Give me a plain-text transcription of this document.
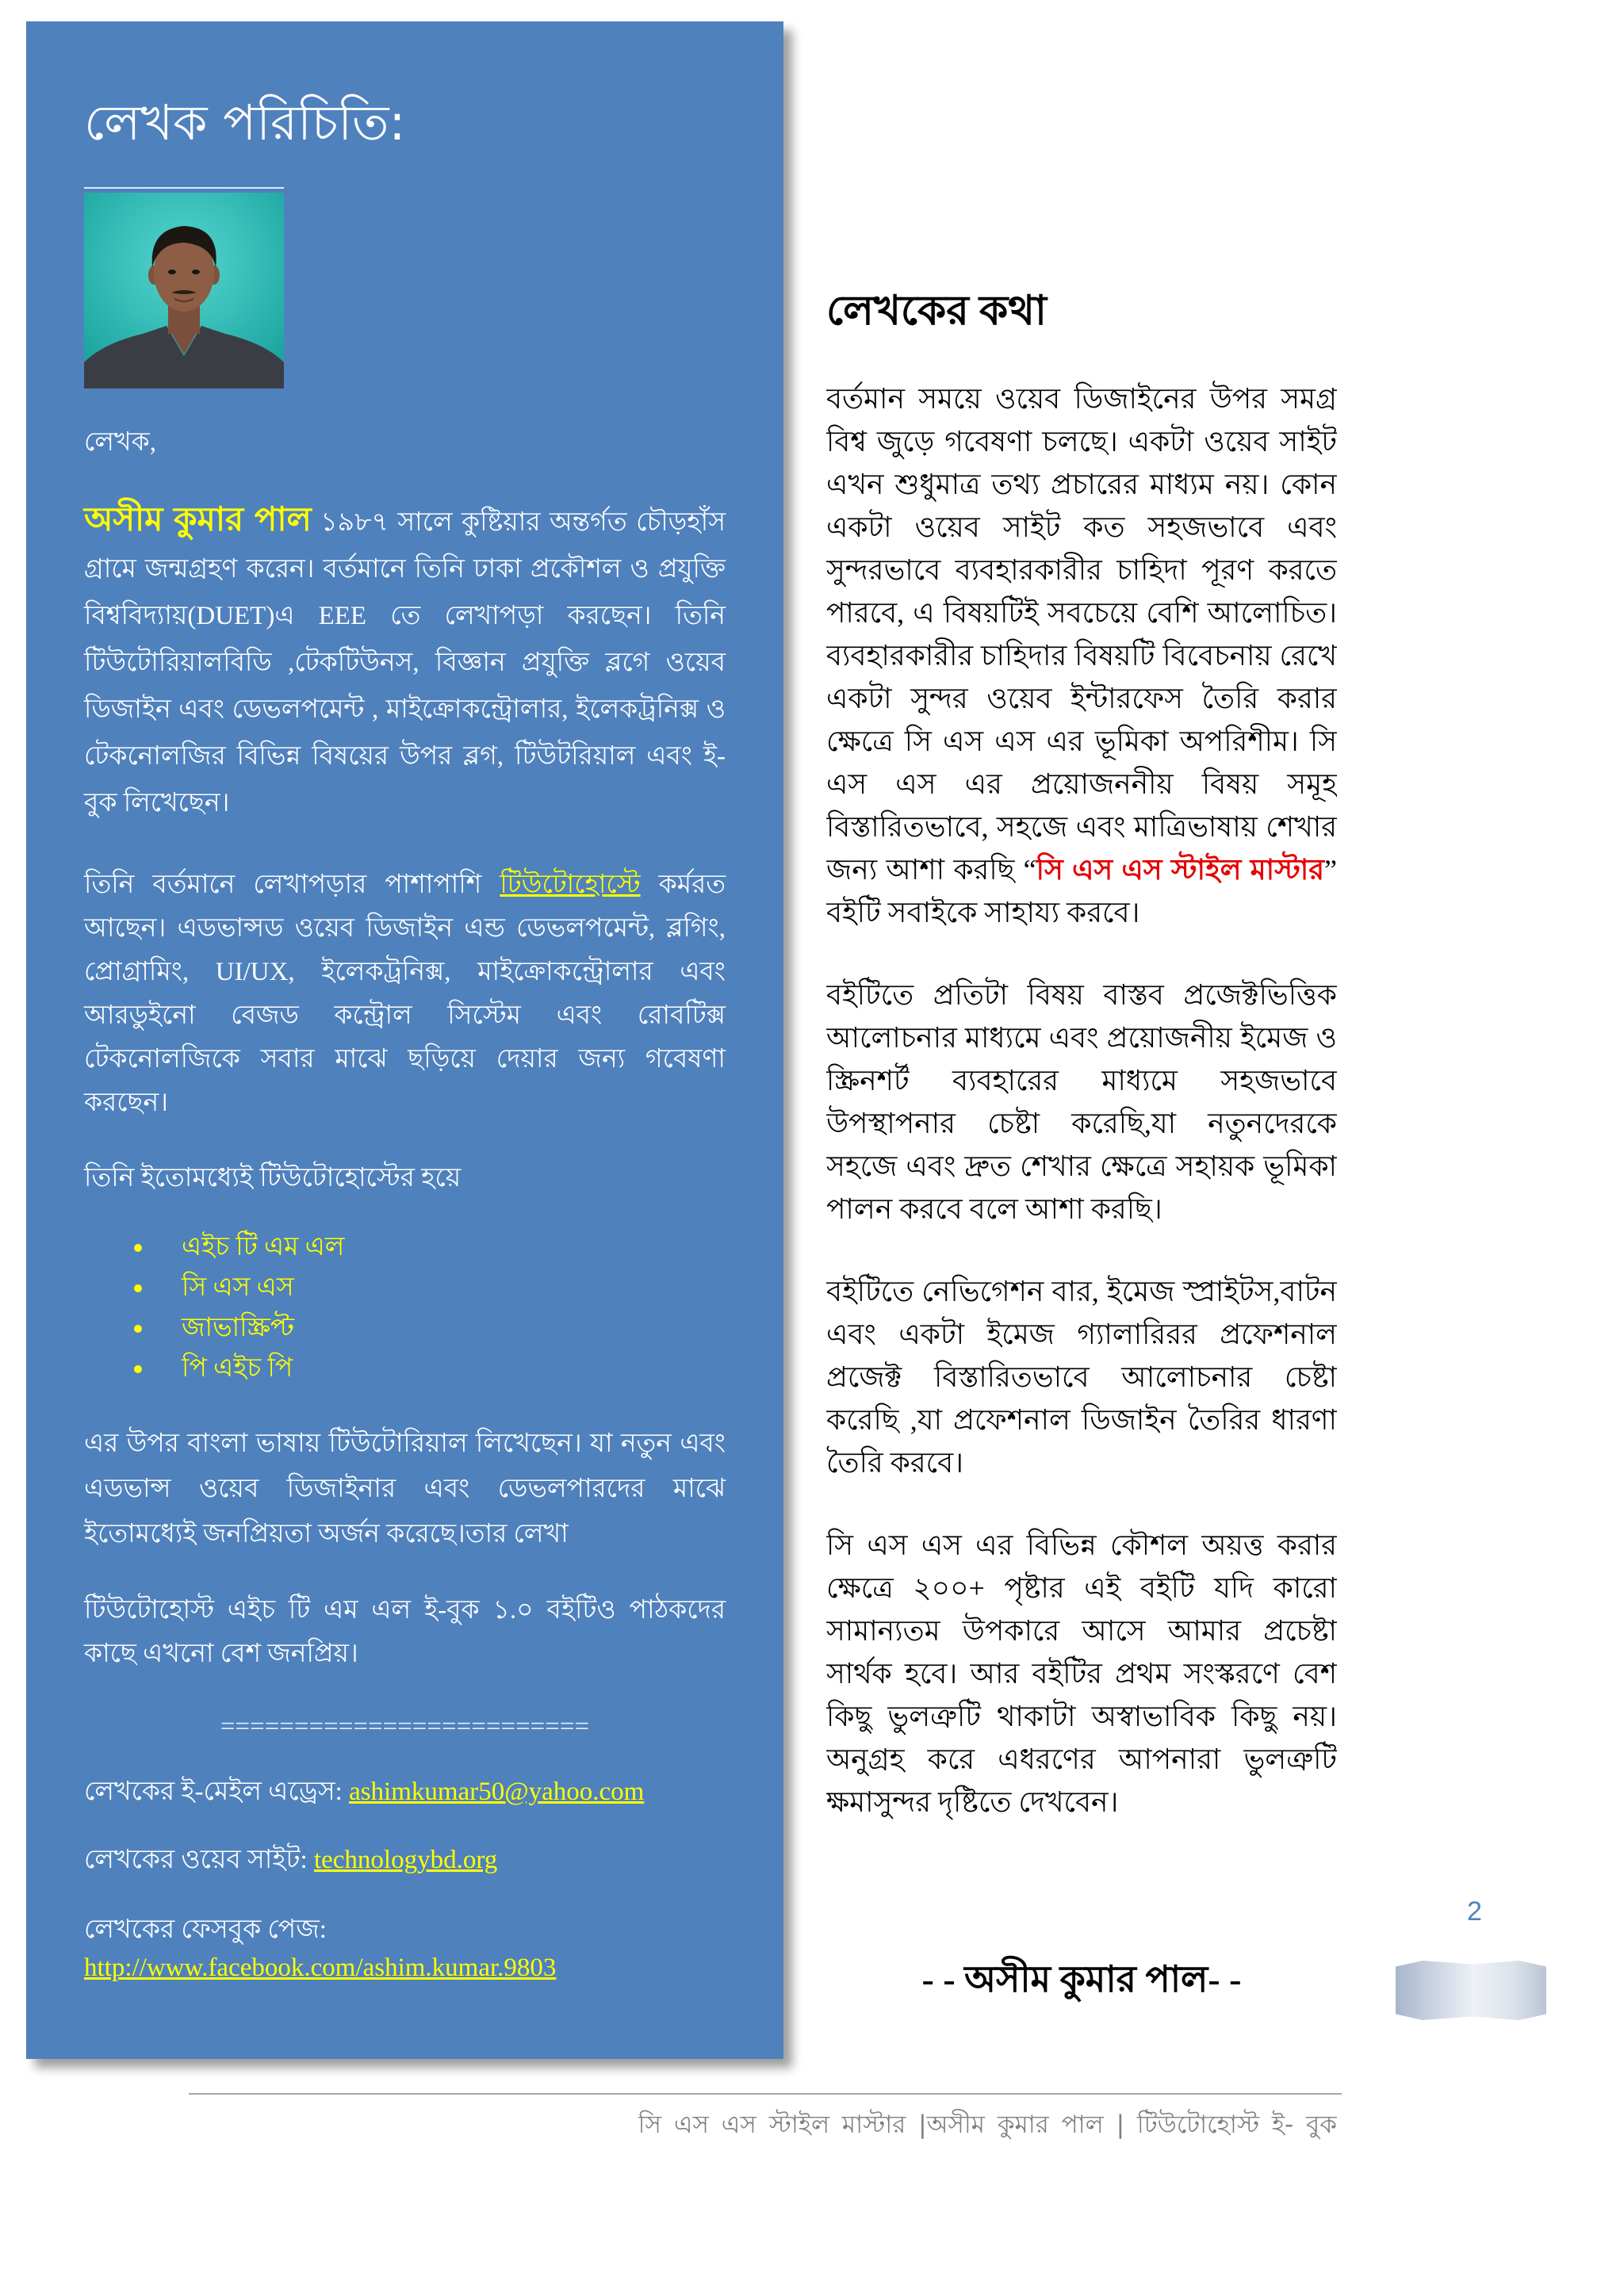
লেখক পরিচিতি:

লেখক,

অসীম কুমার পাল ১৯৮৭ সালে কুষ্টিয়ার অন্তর্গত চৌড়হাঁস গ্রামে জন্মগ্রহণ করেন। বর্তমানে তিনি ঢাকা প্রকৌশল ও প্রযুক্তি বিশ্ববিদ্যায়(DUET)এ EEE তে লেখাপড়া করছেন। তিনি টিউটোরিয়ালবিডি ,টেকটিউনস, বিজ্ঞান প্রযুক্তি ব্লগে ওয়েব ডিজাইন এবং ডেভলপমেন্ট , মাইক্রোকন্ট্রোলার, ইলেকট্রনিক্স ও টেকনোলজির বিভিন্ন বিষয়ের উপর ব্লগ, টিউটরিয়াল এবং ই-বুক লিখেছেন।

তিনি বর্তমানে লেখাপড়ার পাশাপাশি টিউটোহোস্টে কর্মরত আছেন। এডভান্সড ওয়েব ডিজাইন এন্ড ডেভলপমেন্ট, ব্লগিং, প্রোগ্রামিং, UI/UX, ইলেকট্রনিক্স, মাইক্রোকন্ট্রোলার এবং আরডুইনো বেজড কন্ট্রোল সিস্টেম এবং রোবটিক্স টেকনোলজিকে সবার মাঝে ছড়িয়ে দেয়ার জন্য গবেষণা করছেন।

তিনি ইতোমধ্যেই টিউটোহোস্টের হয়ে

এইচ টি এম এল
সি এস এস
জাভাস্ক্রিপ্ট
পি এইচ পি

এর উপর বাংলা ভাষায় টিউটোরিয়াল লিখেছেন। যা নতুন এবং এডভান্স ওয়েব ডিজাইনার এবং ডেভলপারদের মাঝে ইতোমধ্যেই জনপ্রিয়তা অর্জন করেছে।তার লেখা

টিউটোহোস্ট এইচ টি এম এল ই-বুক ১.০ বইটিও পাঠকদের কাছে এখনো বেশ জনপ্রিয়।

=========================

লেখকের ই-মেইল এড্রেস: ashimkumar50@yahoo.com

লেখকের ওয়েব সাইট: technologybd.org

লেখকের ফেসবুক পেজ:
http://www.facebook.com/ashim.kumar.9803

লেখকের কথা

বর্তমান সময়ে ওয়েব ডিজাইনের উপর সমগ্র বিশ্ব জুড়ে গবেষণা চলছে। একটা ওয়েব সাইট এখন শুধুমাত্র তথ্য প্রচারের মাধ্যম নয়। কোন একটা ওয়েব সাইট কত সহজভাবে এবং সুন্দরভাবে ব্যবহারকারীর চাহিদা পূরণ করতে পারবে, এ বিষয়টিই সবচেয়ে বেশি আলোচিত। ব্যবহারকারীর চাহিদার বিষয়টি বিবেচনায় রেখে একটা সুন্দর ওয়েব ইন্টারফেস তৈরি করার ক্ষেত্রে সি এস এস এর ভূমিকা অপরিশীম। সি এস এস এর প্রয়োজননীয় বিষয় সমূহ বিস্তারিতভাবে, সহজে এবং মাত্রিভাষায় শেখার জন্য আশা করছি “সি এস এস স্টাইল মাস্টার” বইটি সবাইকে সাহায্য করবে।

বইটিতে প্রতিটা বিষয় বাস্তব প্রজেক্টভিত্তিক আলোচনার মাধ্যমে এবং প্রয়োজনীয় ইমেজ ও স্ক্রিনশর্ট ব্যবহারের মাধ্যমে সহজভাবে উপস্থাপনার চেষ্টা করেছি,যা নতুনদেরকে সহজে এবং দ্রুত শেখার ক্ষেত্রে সহায়ক ভূমিকা পালন করবে বলে আশা করছি।

বইটিতে নেভিগেশন বার, ইমেজ স্প্রাইটস,বাটন এবং একটা ইমেজ গ্যালারিরর প্রফেশনাল প্রজেক্ট বিস্তারিতভাবে আলোচনার চেষ্টা করেছি ,যা প্রফেশনাল ডিজাইন তৈরির ধারণা তৈরি করবে।

সি এস এস এর বিভিন্ন কৌশল অয়ত্ত করার ক্ষেত্রে ২০০+ পৃষ্টার এই বইটি যদি কারো সামান্যতম উপকারে আসে আমার প্রচেষ্টা সার্থক হবে। আর বইটির প্রথম সংস্করণে বেশ কিছু ভুলত্রুটি থাকাটা অস্বাভাবিক কিছু নয়। অনুগ্রহ করে এধরণের আপনারা ভুলত্রুটি ক্ষমাসুন্দর দৃষ্টিতে দেখবেন।

- - অসীম কুমার পাল- -
2
সি এস এস স্টাইল মাস্টার |অসীম কুমার পাল | টিউটোহোস্ট ই- বুক
